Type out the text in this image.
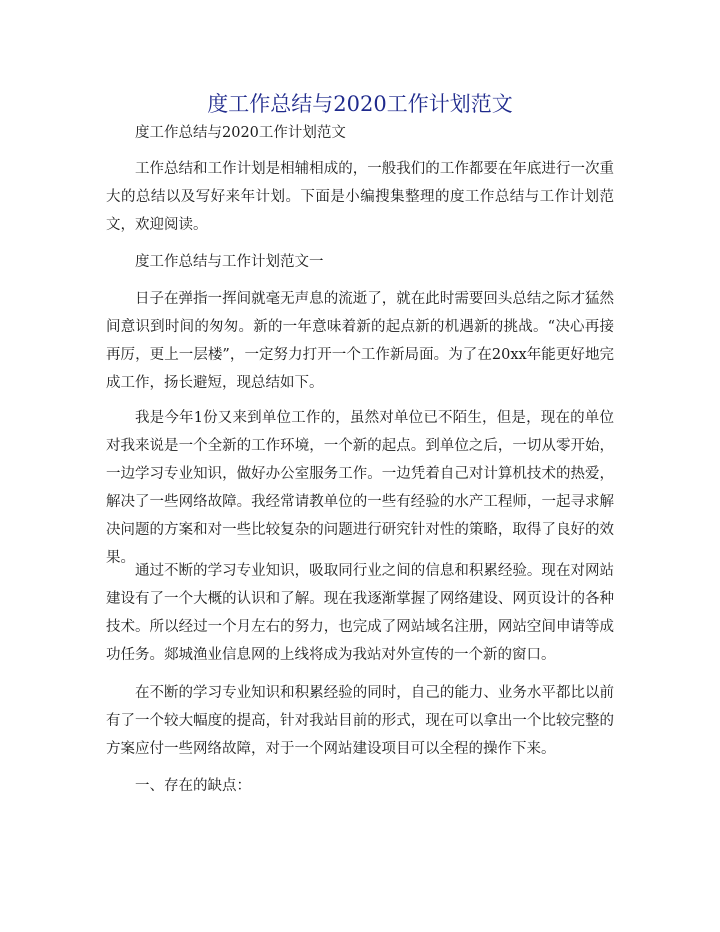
度工作总结与2020工作计划范文

度工作总结与2020工作计划范文

工作总结和工作计划是相辅相成的，一般我们的工作都要在年底进行一次重大的总结以及写好来年计划。下面是小编搜集整理的度工作总结与工作计划范文，欢迎阅读。

度工作总结与工作计划范文一

日子在弹指一挥间就毫无声息的流逝了，就在此时需要回头总结之际才猛然间意识到时间的匆匆。新的一年意味着新的起点新的机遇新的挑战。“决心再接再厉，更上一层楼”，一定努力打开一个工作新局面。为了在20xx年能更好地完成工作，扬长避短，现总结如下。

我是今年1份又来到单位工作的，虽然对单位已不陌生，但是，现在的单位对我来说是一个全新的工作环境，一个新的起点。到单位之后，一切从零开始，一边学习专业知识，做好办公室服务工作。一边凭着自己对计算机技术的热爱，解决了一些网络故障。我经常请教单位的一些有经验的水产工程师，一起寻求解决问题的方案和对一些比较复杂的问题进行研究针对性的策略，取得了良好的效果。

通过不断的学习专业知识，吸取同行业之间的信息和积累经验。现在对网站建设有了一个大概的认识和了解。现在我逐渐掌握了网络建设、网页设计的各种技术。所以经过一个月左右的努力，也完成了网站域名注册，网站空间申请等成功任务。郯城渔业信息网的上线将成为我站对外宣传的一个新的窗口。

在不断的学习专业知识和积累经验的同时，自己的能力、业务水平都比以前有了一个较大幅度的提高，针对我站目前的形式，现在可以拿出一个比较完整的方案应付一些网络故障，对于一个网站建设项目可以全程的操作下来。

一、存在的缺点：
